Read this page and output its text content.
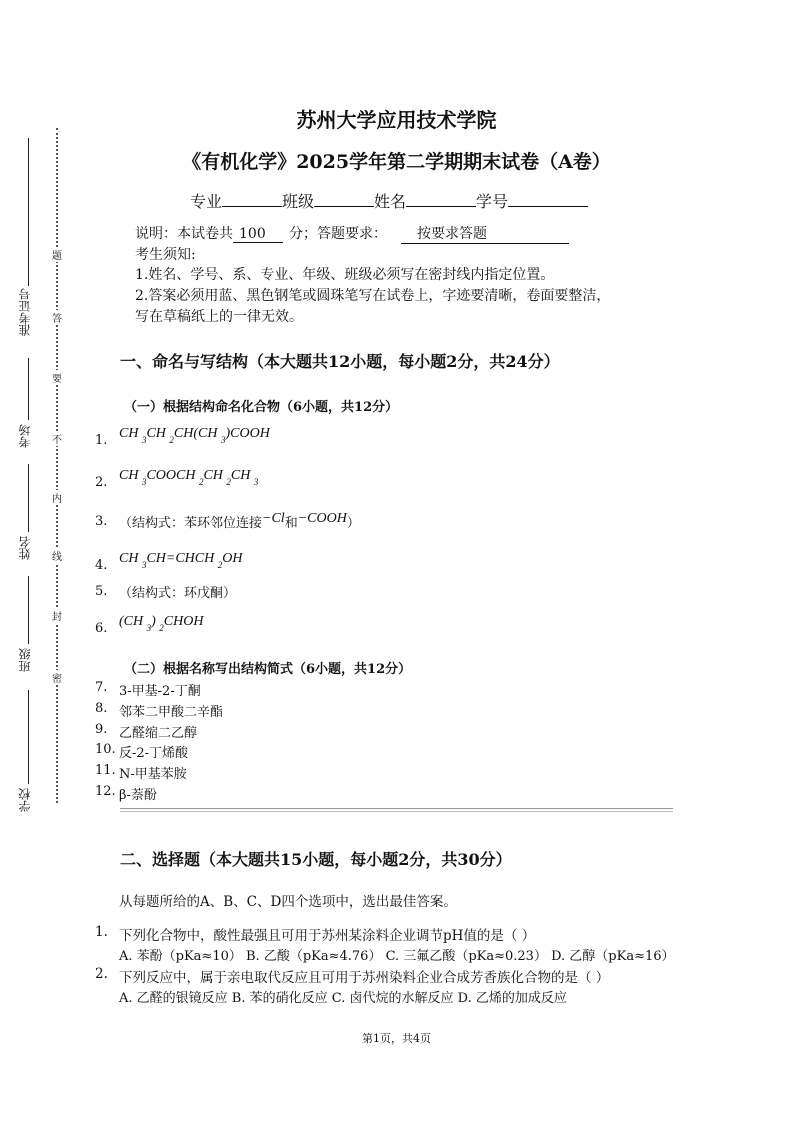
准考证号
考场
姓名
班级
学校
题
答
要
不
内
线
封
密
苏州大学应用技术学院
《有机化学》2025学年第二学期期末试卷（A卷）
专业	班级	姓名	学号
说明：本试卷共 100 分；答题要求： 按要求答题
考生须知:
1.姓名、学号、系、专业、年级、班级必须写在密封线内指定位置。
2.答案必须用蓝、黑色钢笔或圆珠笔写在试卷上，字迹要清晰，卷面要整洁，
写在草稿纸上的一律无效。
一、命名与写结构（本大题共12小题，每小题2分，共24分）
（一）根据结构命名化合物（6小题，共12分）
1. CH $_3$CH $_2$CH(CH $_3$)COOH
2. CH $_3$COOCH $_2$CH $_2$CH $_3$
3. （结构式：苯环邻位连接−Cl和−COOH）
4. CH $_3$CH=CHCH $_2$OH
5. （结构式：环戊酮）
6. (CH $_3$) $_2$CHOH
（二）根据名称写出结构简式（6小题，共12分）
7. 3-甲基-2-丁酮
8. 邻苯二甲酸二辛酯
9. 乙醛缩二乙醇
10. 反-2-丁烯酸
11. N-甲基苯胺
12. β-萘酚
二、选择题（本大题共15小题，每小题2分，共30分）
从每题所给的A、B、C、D四个选项中，选出最佳答案。
1. 下列化合物中，酸性最强且可用于苏州某涂料企业调节pH值的是（ ）
A. 苯酚（pKa≈10） B. 乙酸（pKa≈4.76） C. 三氟乙酸（pKa≈0.23） D. 乙醇（pKa≈16）
2. 下列反应中，属于亲电取代反应且可用于苏州染料企业合成芳香族化合物的是（ ）
A. 乙醛的银镜反应 B. 苯的硝化反应 C. 卤代烷的水解反应 D. 乙烯的加成反应
第1页，共4页
